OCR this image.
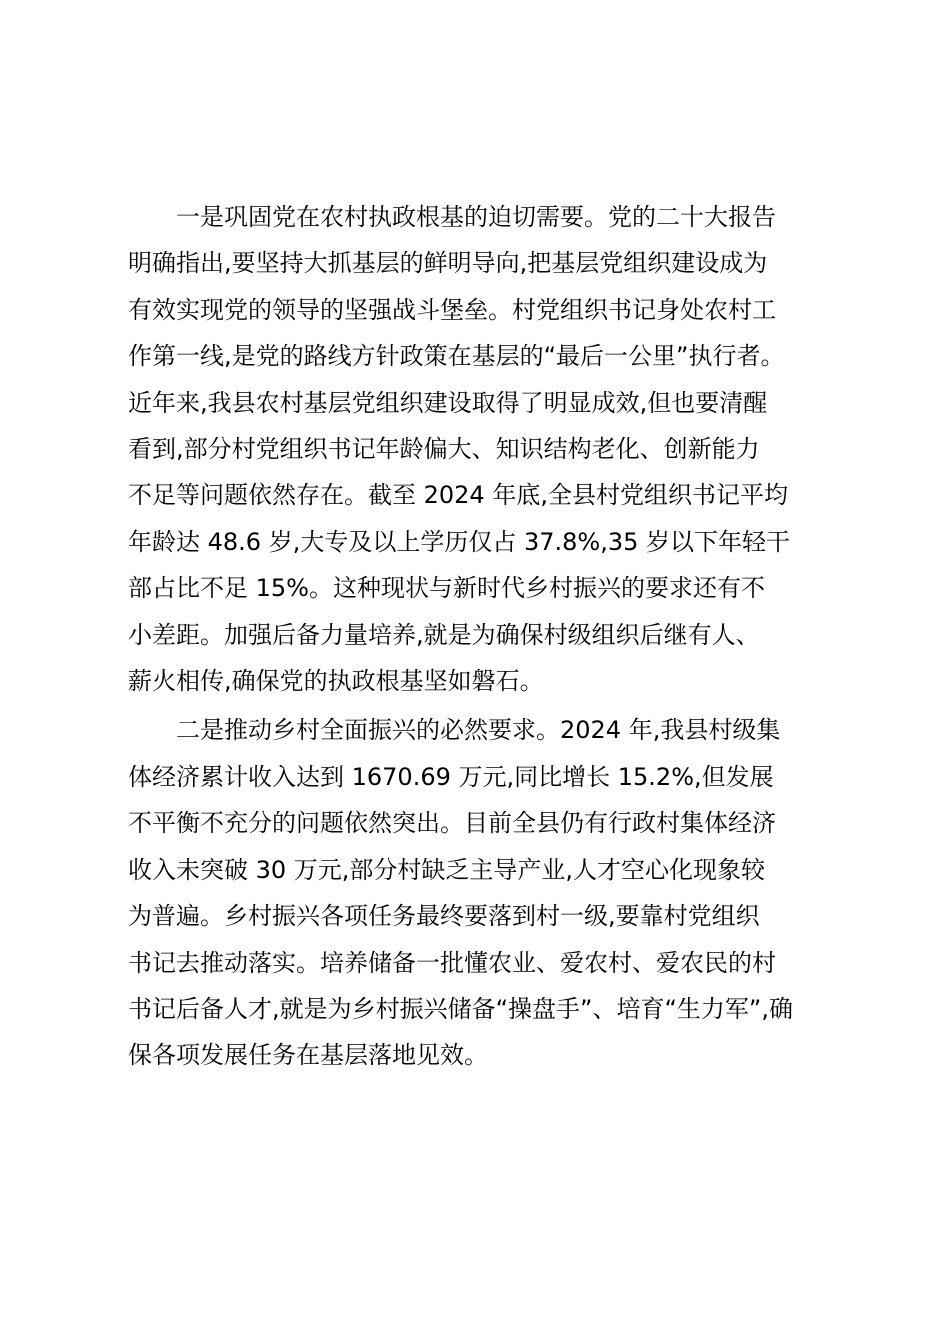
一是巩固党在农村执政根基的迫切需要。党的二十大报告
明确指出,要坚持大抓基层的鲜明导向,把基层党组织建设成为
有效实现党的领导的坚强战斗堡垒。村党组织书记身处农村工
作第一线,是党的路线方针政策在基层的“最后一公里”执行者。
近年来,我县农村基层党组织建设取得了明显成效,但也要清醒
看到,部分村党组织书记年龄偏大、知识结构老化、创新能力
不足等问题依然存在。截至 2024 年底,全县村党组织书记平均
年龄达 48.6 岁,大专及以上学历仅占 37.8%,35 岁以下年轻干
部占比不足 15%。这种现状与新时代乡村振兴的要求还有不
小差距。加强后备力量培养,就是为确保村级组织后继有人、
薪火相传,确保党的执政根基坚如磐石。

二是推动乡村全面振兴的必然要求。2024 年,我县村级集
体经济累计收入达到 1670.69 万元,同比增长 15.2%,但发展
不平衡不充分的问题依然突出。目前全县仍有行政村集体经济
收入未突破 30 万元,部分村缺乏主导产业,人才空心化现象较
为普遍。乡村振兴各项任务最终要落到村一级,要靠村党组织
书记去推动落实。培养储备一批懂农业、爱农村、爱农民的村
书记后备人才,就是为乡村振兴储备“操盘手”、培育“生力军”,确
保各项发展任务在基层落地见效。
